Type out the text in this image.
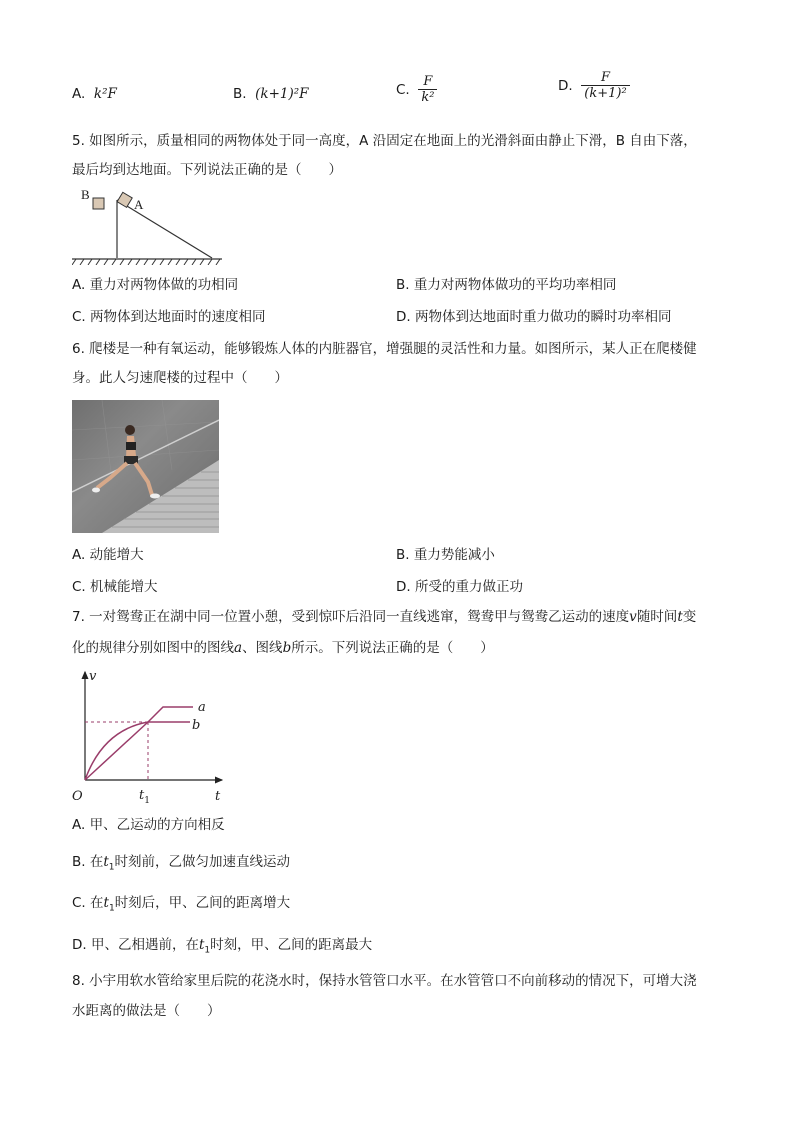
A. k²F	B. (k+1)²F	C. $\frac{F}{\text{k²}}$	D. $\frac{F}{\text{(k+1)²}}$
5. 如图所示，质量相同的两物体处于同一高度，A 沿固定在地面上的光滑斜面由静止下滑，B 自由下落，
最后均到达地面。下列说法正确的是（　　）
B
A
A. 重力对两物体做的功相同	B. 重力对两物体做功的平均功率相同
C. 两物体到达地面时的速度相同	D. 两物体到达地面时重力做功的瞬时功率相同
6. 爬楼是一种有氧运动，能够锻炼人体的内脏器官，增强腿的灵活性和力量。如图所示，某人正在爬楼健
身。此人匀速爬楼的过程中（　　）
A. 动能增大	B. 重力势能减小
C. 机械能增大	D. 所受的重力做正功
7. 一对鸳鸯正在湖中同一位置小憩，受到惊吓后沿同一直线逃窜，鸳鸯甲与鸳鸯乙运动的速度v随时间t变
化的规律分别如图中的图线a、图线b所示。下列说法正确的是（　　）
v
t
O	$t_1$
a
b
A. 甲、乙运动的方向相反
B. 在$t_1$时刻前，乙做匀加速直线运动
C. 在$t_1$时刻后，甲、乙间的距离增大
D. 甲、乙相遇前，在$t_1$时刻，甲、乙间的距离最大
8. 小宇用软水管给家里后院的花浇水时，保持水管管口水平。在水管管口不向前移动的情况下，可增大浇
水距离的做法是（　　）
